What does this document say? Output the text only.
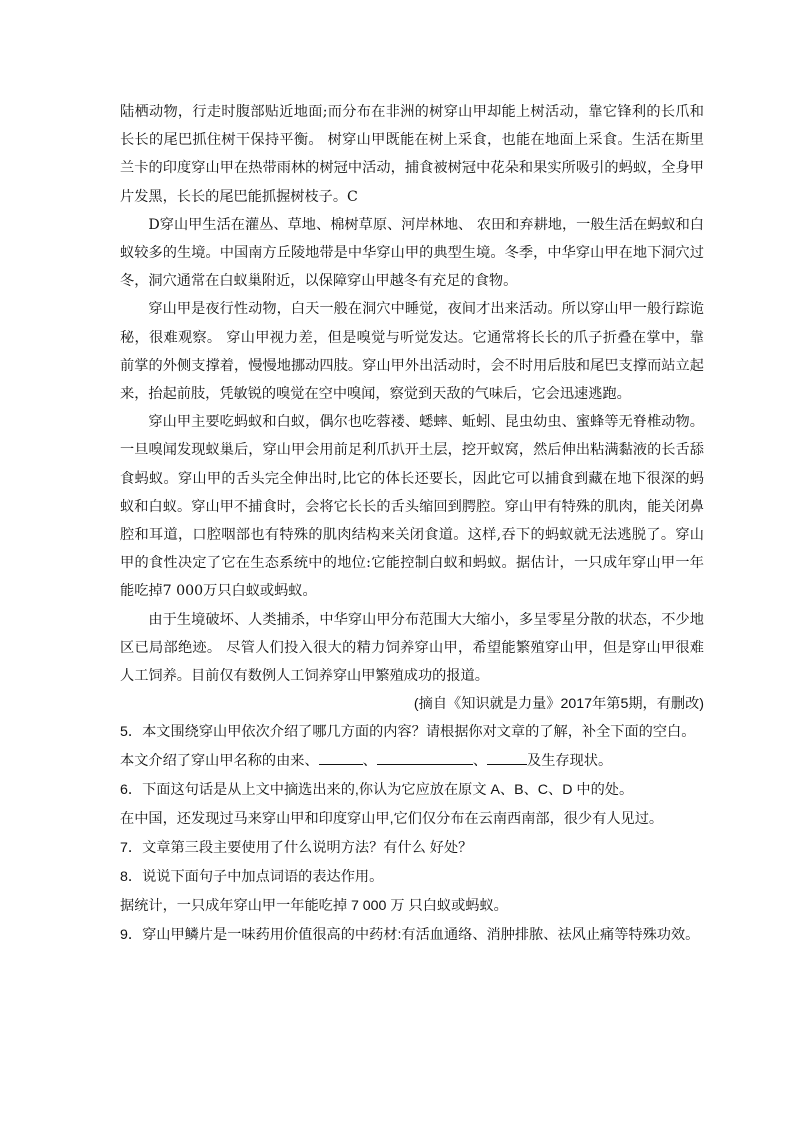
陆栖动物，行走时腹部贴近地面;而分布在非洲的树穿山甲却能上树活动，靠它锋利的长爪和长长的尾巴抓住树干保持平衡。 树穿山甲既能在树上采食，也能在地面上采食。生活在斯里兰卡的印度穿山甲在热带雨林的树冠中活动，捕食被树冠中花朵和果实所吸引的蚂蚁，全身甲片发黑，长长的尾巴能抓握树枝子。C

D穿山甲生活在灌丛、草地、棉树草原、河岸林地、 农田和弃耕地，一般生活在蚂蚁和白蚁较多的生境。中国南方丘陵地带是中华穿山甲的典型生境。冬季，中华穿山甲在地下洞穴过冬，洞穴通常在白蚁巢附近，以保障穿山甲越冬有充足的食物。

穿山甲是夜行性动物，白天一般在洞穴中睡觉，夜间才出来活动。所以穿山甲一般行踪诡秘，很难观察。 穿山甲视力差，但是嗅觉与听觉发达。它通常将长长的爪子折叠在掌中，靠前掌的外侧支撑着，慢慢地挪动四肢。穿山甲外出活动时，会不时用后肢和尾巴支撑而站立起来，抬起前肢，凭敏锐的嗅觉在空中嗅闻，察觉到天敌的气味后，它会迅速逃跑。

穿山甲主要吃蚂蚁和白蚁，偶尔也吃蓉褛、蟋蟀、蚯蚓、昆虫幼虫、蜜蜂等无脊椎动物。一旦嗅闻发现蚁巢后，穿山甲会用前足利爪扒开土层，挖开蚁窝，然后伸出粘满黏液的长舌舔食蚂蚁。穿山甲的舌头完全伸出时,比它的体长还要长，因此它可以捕食到藏在地下很深的蚂蚁和白蚁。穿山甲不捕食时，会将它长长的舌头缩回到腭腔。穿山甲有特殊的肌肉，能关闭鼻腔和耳道，口腔咽部也有特殊的肌肉结构来关闭食道。这样,吞下的蚂蚁就无法逃脱了。穿山甲的食性决定了它在生态系统中的地位:它能控制白蚁和蚂蚁。据估计，一只成年穿山甲一年能吃掉7 000万只白蚁或蚂蚁。

由于生境破坏、人类捕杀，中华穿山甲分布范围大大缩小，多呈零星分散的状态，不少地区已局部绝迹。 尽管人们投入很大的精力饲养穿山甲，希望能繁殖穿山甲，但是穿山甲很难人工饲养。目前仅有数例人工饲养穿山甲繁殖成功的报道。

(摘自《知识就是力量》2017年第5期，有删改)

5．本文围绕穿山甲依次介绍了哪几方面的内容？请根据你对文章的了解，补全下面的空白。

本文介绍了穿山甲名称的由来、	、	、	及生存现状。

6．下面这句话是从上文中摘选出来的,你认为它应放在原文 A、B、C、D 中的处。

在中国，还发现过马来穿山甲和印度穿山甲,它们仅分布在云南西南部，很少有人见过。

7．文章第三段主要使用了什么说明方法？有什么 好处？

8．说说下面句子中加点词语的表达作用。

据统计，一只成年穿山甲一年能吃掉 7 000 万 只白蚁或蚂蚁。

9．穿山甲鳞片是一味药用价值很高的中药材:有活血通络、消肿排脓、祛风止痛等特殊功效。
